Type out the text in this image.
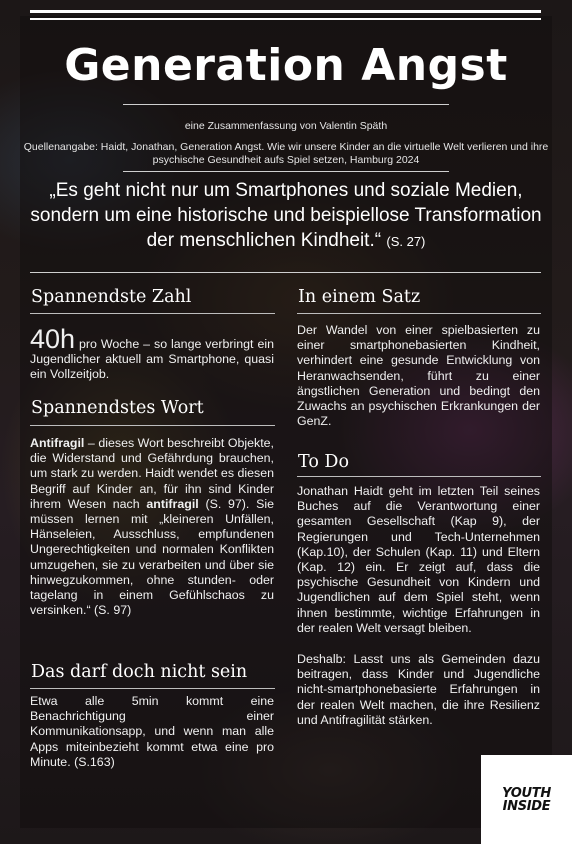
Generation Angst
eine Zusammenfassung von Valentin Späth
Quellenangabe: Haidt, Jonathan, Generation Angst. Wie wir unsere Kinder an die virtuelle Welt verlieren und ihre
psychische Gesundheit aufs Spiel setzen, Hamburg 2024
„Es geht nicht nur um Smartphones und soziale Medien, sondern um eine historische und beispiellose Transformation der menschlichen Kindheit.“ (S. 27)
Spannendste Zahl
40h pro Woche – so lange verbringt ein Jugendlicher aktuell am Smartphone, quasi ein Vollzeitjob.
Spannendstes Wort
Antifragil – dieses Wort beschreibt Objekte, die Widerstand und Gefährdung brauchen, um stark zu werden. Haidt wendet es diesen Begriff auf Kinder an, für ihn sind Kinder ihrem Wesen nach antifragil (S. 97). Sie müssen lernen mit „kleineren Unfällen, Hänseleien, Ausschluss, empfundenen Ungerechtigkeiten und normalen Konflikten umzugehen, sie zu verarbeiten und über sie hinwegzukommen, ohne stunden- oder tagelang in einem Gefühlschaos zu versinken.“ (S. 97)
Das darf doch nicht sein
Etwa alle 5min kommt eine Benachrichtigung einer Kommunikationsapp, und wenn man alle Apps miteinbezieht kommt etwa eine pro Minute. (S.163)
In einem Satz
Der Wandel von einer spielbasierten zu einer smartphonebasierten Kindheit, verhindert eine gesunde Entwicklung von Heranwachsenden, führt zu einer ängstlichen Generation und bedingt den Zuwachs an psychischen Erkrankungen der GenZ.
To Do
Jonathan Haidt geht im letzten Teil seines Buches auf die Verantwortung einer gesamten Gesellschaft (Kap 9), der Regierungen und Tech-Unternehmen (Kap.10), der Schulen (Kap. 11) und Eltern (Kap. 12) ein. Er zeigt auf, dass die psychische Gesundheit von Kindern und Jugendlichen auf dem Spiel steht, wenn ihnen bestimmte, wichtige Erfahrungen in der realen Welt versagt bleiben.
Deshalb: Lasst uns als Gemeinden dazu beitragen, dass Kinder und Jugendliche nicht-smartphonebasierte Erfahrungen in der realen Welt machen, die ihre Resilienz und Antifragilität stärken.
YOUTH
INSIDE
